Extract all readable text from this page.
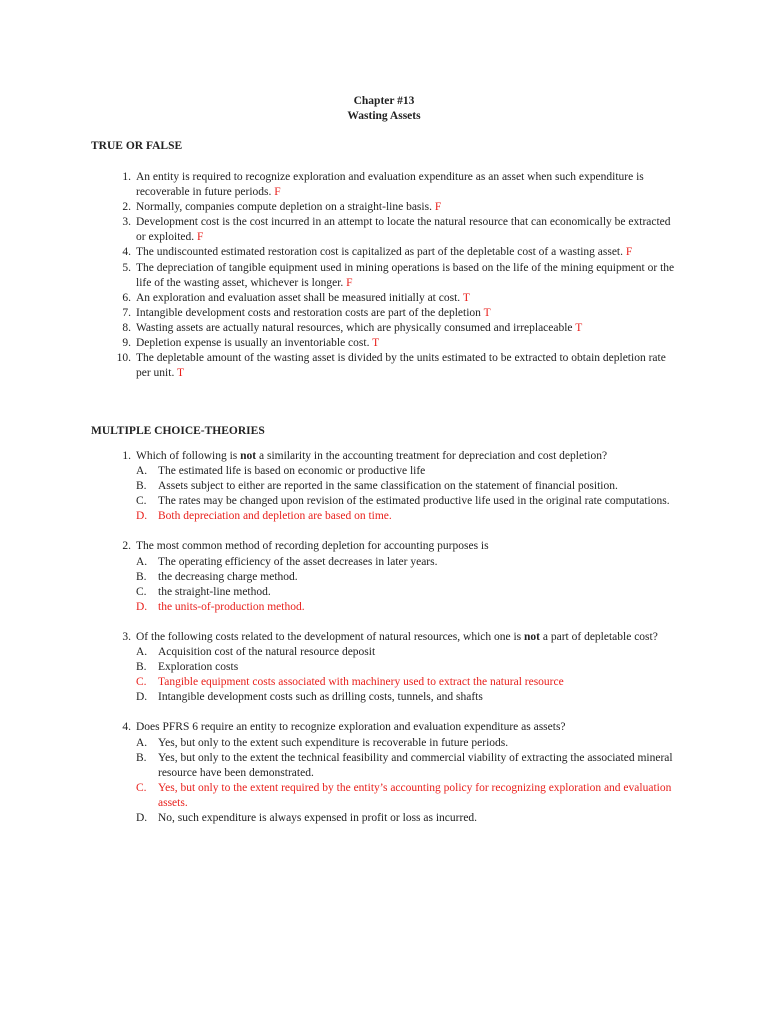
Chapter #13
Wasting Assets
TRUE OR FALSE
1. An entity is required to recognize exploration and evaluation expenditure as an asset when such expenditure is recoverable in future periods. F
2. Normally, companies compute depletion on a straight-line basis. F
3. Development cost is the cost incurred in an attempt to locate the natural resource that can economically be extracted or exploited. F
4. The undiscounted estimated restoration cost is capitalized as part of the depletable cost of a wasting asset. F
5. The depreciation of tangible equipment used in mining operations is based on the life of the mining equipment or the life of the wasting asset, whichever is longer. F
6. An exploration and evaluation asset shall be measured initially at cost. T
7. Intangible development costs and restoration costs are part of the depletion T
8. Wasting assets are actually natural resources, which are physically consumed and irreplaceable T
9. Depletion expense is usually an inventoriable cost. T
10. The depletable amount of the wasting asset is divided by the units estimated to be extracted to obtain depletion rate per unit. T
MULTIPLE CHOICE-THEORIES
1. Which of following is not a similarity in the accounting treatment for depreciation and cost depletion?
A. The estimated life is based on economic or productive life
B. Assets subject to either are reported in the same classification on the statement of financial position.
C. The rates may be changed upon revision of the estimated productive life used in the original rate computations.
D. Both depreciation and depletion are based on time.
2. The most common method of recording depletion for accounting purposes is
A. The operating efficiency of the asset decreases in later years.
B. the decreasing charge method.
C. the straight-line method.
D. the units-of-production method.
3. Of the following costs related to the development of natural resources, which one is not a part of depletable cost?
A. Acquisition cost of the natural resource deposit
B. Exploration costs
C. Tangible equipment costs associated with machinery used to extract the natural resource
D. Intangible development costs such as drilling costs, tunnels, and shafts
4. Does PFRS 6 require an entity to recognize exploration and evaluation expenditure as assets?
A. Yes, but only to the extent such expenditure is recoverable in future periods.
B. Yes, but only to the extent the technical feasibility and commercial viability of extracting the associated mineral resource have been demonstrated.
C. Yes, but only to the extent required by the entity’s accounting policy for recognizing exploration and evaluation assets.
D. No, such expenditure is always expensed in profit or loss as incurred.
